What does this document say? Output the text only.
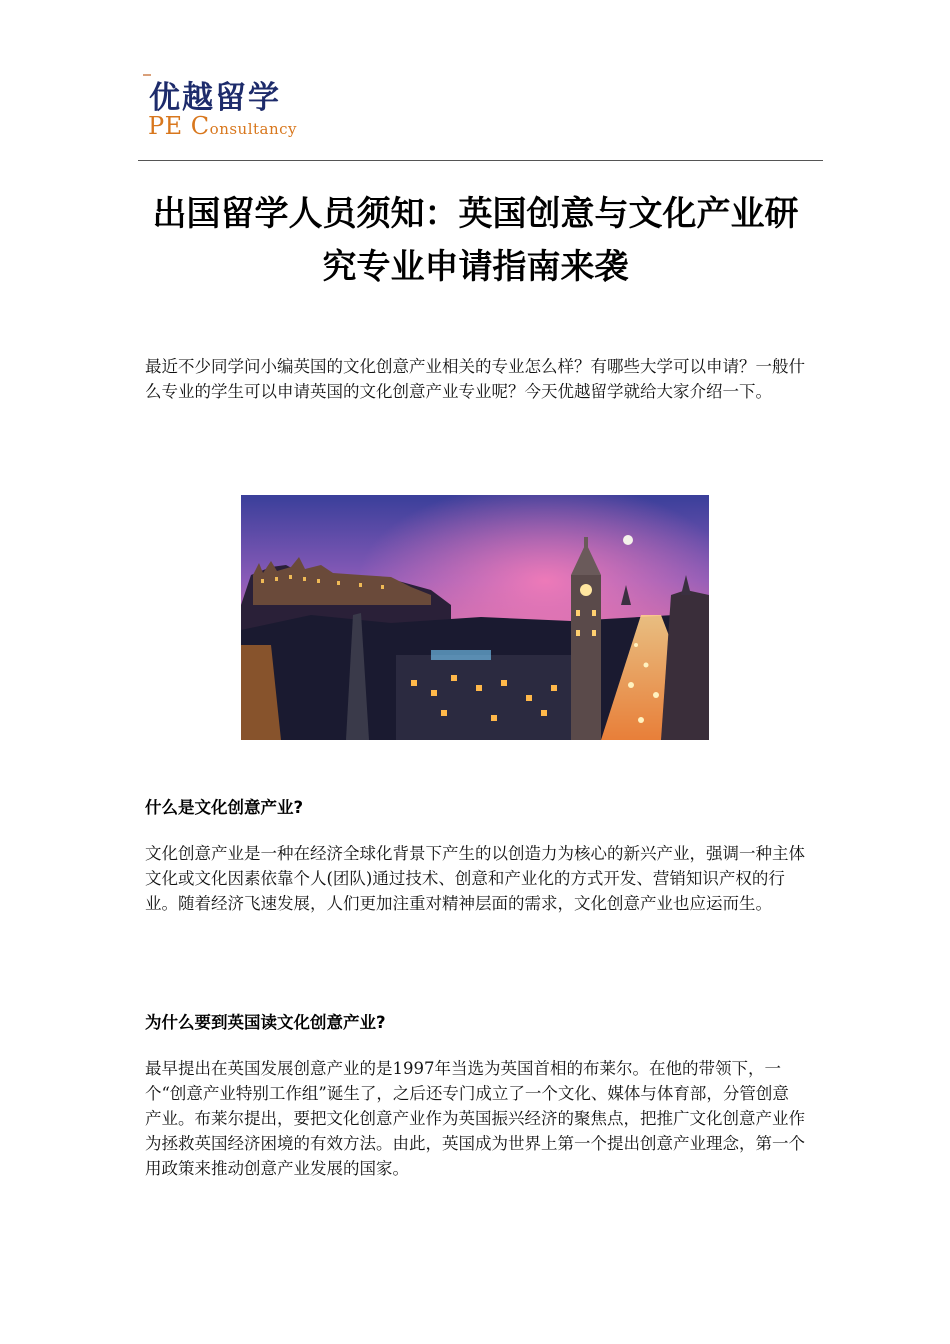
优越留学
PE Consultancy
出国留学人员须知：英国创意与文化产业研究专业申请指南来袭

最近不少同学问小编英国的文化创意产业相关的专业怎么样？有哪些大学可以申请？一般什么专业的学生可以申请英国的文化创意产业专业呢？今天优越留学就给大家介绍一下。

什么是文化创意产业?

文化创意产业是一种在经济全球化背景下产生的以创造力为核心的新兴产业，强调一种主体文化或文化因素依靠个人(团队)通过技术、创意和产业化的方式开发、营销知识产权的行业。随着经济飞速发展，人们更加注重对精神层面的需求，文化创意产业也应运而生。

为什么要到英国读文化创意产业?

最早提出在英国发展创意产业的是1997年当选为英国首相的布莱尔。在他的带领下，一个“创意产业特别工作组”诞生了，之后还专门成立了一个文化、媒体与体育部，分管创意产业。布莱尔提出，要把文化创意产业作为英国振兴经济的聚焦点，把推广文化创意产业作为拯救英国经济困境的有效方法。由此，英国成为世界上第一个提出创意产业理念，第一个用政策来推动创意产业发展的国家。
